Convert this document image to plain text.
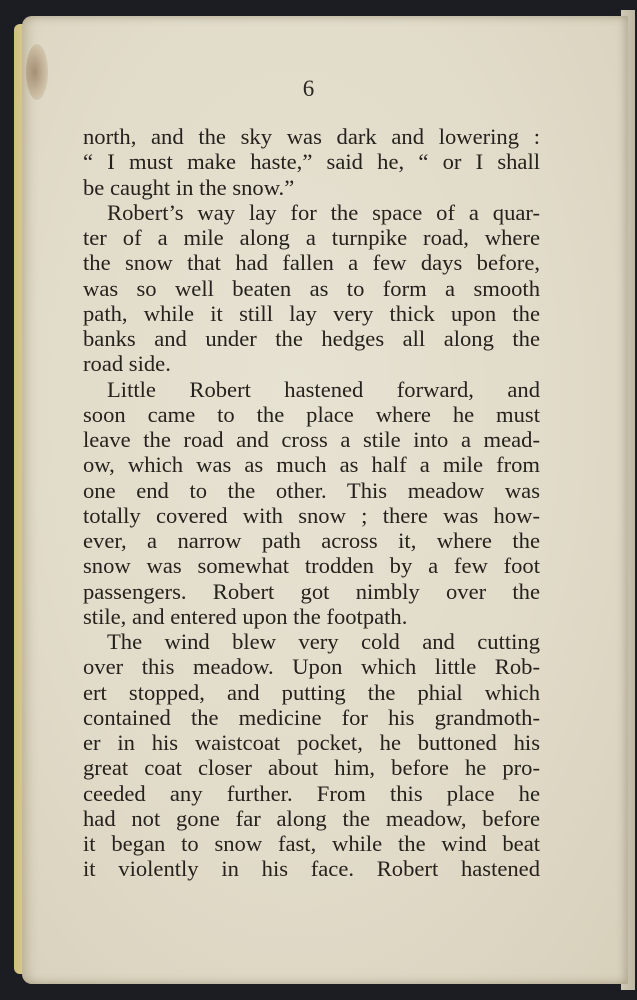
6
north, and the sky was dark and lowering :
“ I must make haste,” said he, “ or I shall
be caught in the snow.”
Robert’s way lay for the space of a quar-
ter of a mile along a turnpike road, where
the snow that had fallen a few days before,
was so well beaten as to form a smooth
path, while it still lay very thick upon the
banks and under the hedges all along the
road side.
Little Robert hastened forward, and
soon came to the place where he must
leave the road and cross a stile into a mead-
ow, which was as much as half a mile from
one end to the other. This meadow was
totally covered with snow ; there was how-
ever, a narrow path across it, where the
snow was somewhat trodden by a few foot
passengers. Robert got nimbly over the
stile, and entered upon the footpath.
The wind blew very cold and cutting
over this meadow. Upon which little Rob-
ert stopped, and putting the phial which
contained the medicine for his grandmoth-
er in his waistcoat pocket, he buttoned his
great coat closer about him, before he pro-
ceeded any further. From this place he
had not gone far along the meadow, before
it began to snow fast, while the wind beat
it violently in his face. Robert hastened
